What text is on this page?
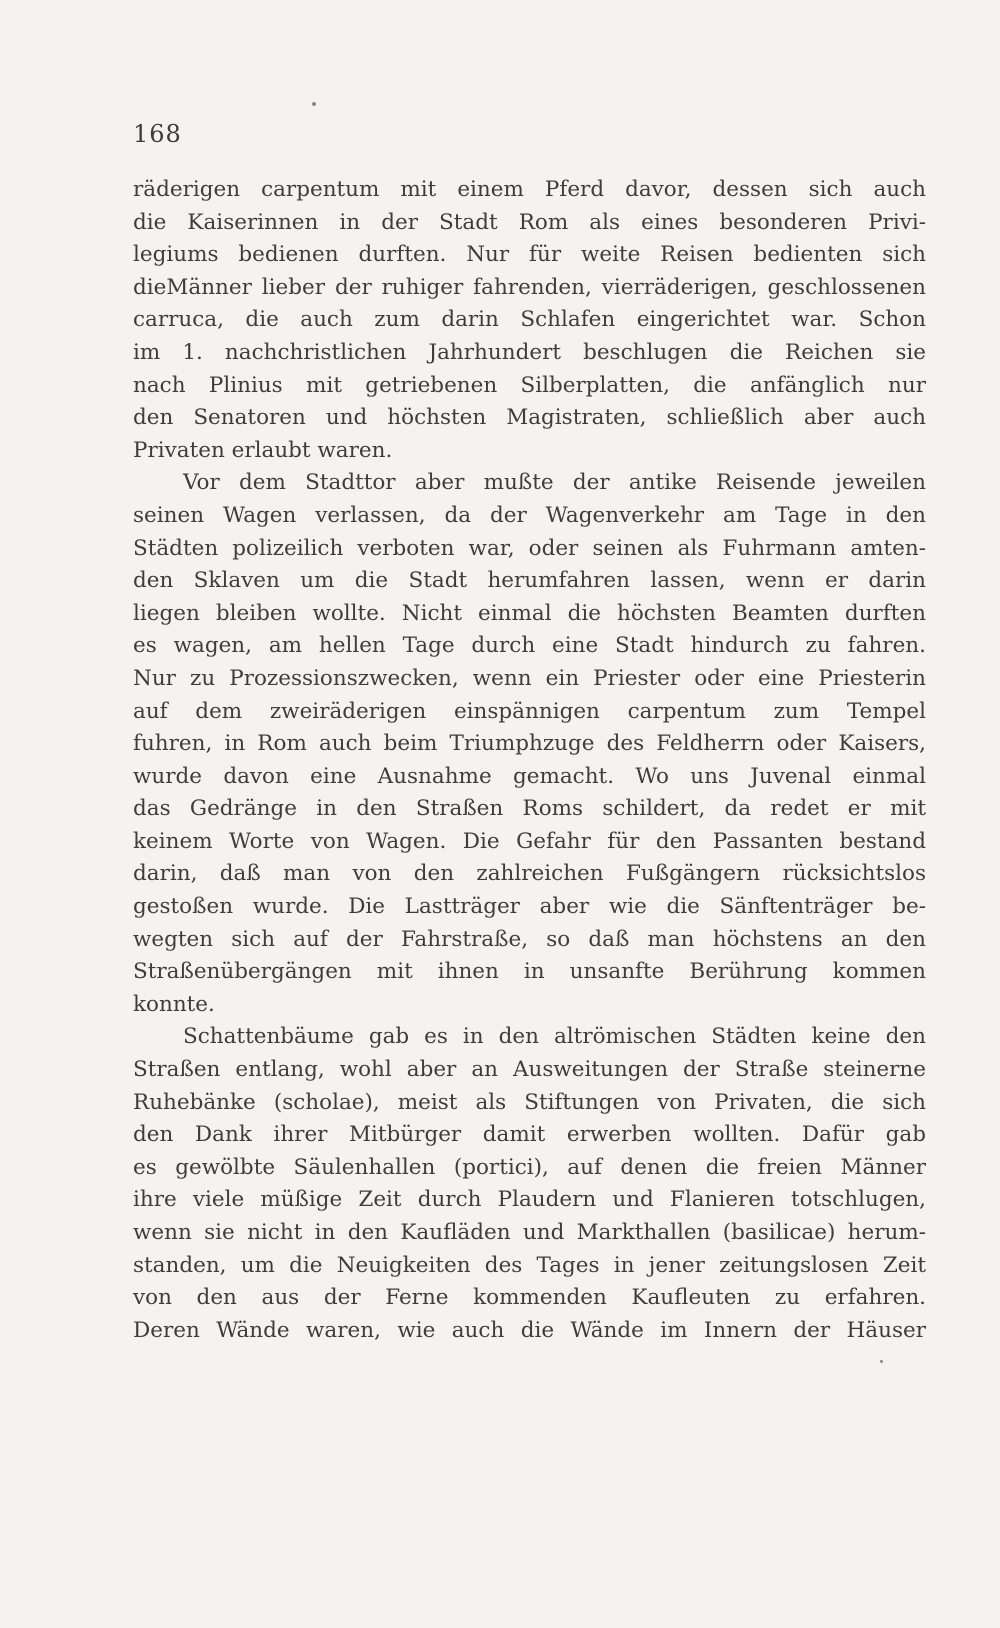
168
räderigen carpentum mit einem Pferd davor, dessen sich auch
die Kaiserinnen in der Stadt Rom als eines besonderen Privi-
legiums bedienen durften. Nur für weite Reisen bedienten sich
dieMänner lieber der ruhiger fahrenden, vierräderigen, geschlossenen
carruca, die auch zum darin Schlafen eingerichtet war. Schon
im 1. nachchristlichen Jahrhundert beschlugen die Reichen sie
nach Plinius mit getriebenen Silberplatten, die anfänglich nur
den Senatoren und höchsten Magistraten, schließlich aber auch
Privaten erlaubt waren.
Vor dem Stadttor aber mußte der antike Reisende jeweilen
seinen Wagen verlassen, da der Wagenverkehr am Tage in den
Städten polizeilich verboten war, oder seinen als Fuhrmann amten-
den Sklaven um die Stadt herumfahren lassen, wenn er darin
liegen bleiben wollte. Nicht einmal die höchsten Beamten durften
es wagen, am hellen Tage durch eine Stadt hindurch zu fahren.
Nur zu Prozessionszwecken, wenn ein Priester oder eine Priesterin
auf dem zweiräderigen einspännigen carpentum zum Tempel
fuhren, in Rom auch beim Triumphzuge des Feldherrn oder Kaisers,
wurde davon eine Ausnahme gemacht. Wo uns Juvenal einmal
das Gedränge in den Straßen Roms schildert, da redet er mit
keinem Worte von Wagen. Die Gefahr für den Passanten bestand
darin, daß man von den zahlreichen Fußgängern rücksichtslos
gestoßen wurde. Die Lastträger aber wie die Sänftenträger be-
wegten sich auf der Fahrstraße, so daß man höchstens an den
Straßenübergängen mit ihnen in unsanfte Berührung kommen
konnte.
Schattenbäume gab es in den altrömischen Städten keine den
Straßen entlang, wohl aber an Ausweitungen der Straße steinerne
Ruhebänke (scholae), meist als Stiftungen von Privaten, die sich
den Dank ihrer Mitbürger damit erwerben wollten. Dafür gab
es gewölbte Säulenhallen (portici), auf denen die freien Männer
ihre viele müßige Zeit durch Plaudern und Flanieren totschlugen,
wenn sie nicht in den Kaufläden und Markthallen (basilicae) herum-
standen, um die Neuigkeiten des Tages in jener zeitungslosen Zeit
von den aus der Ferne kommenden Kaufleuten zu erfahren.
Deren Wände waren, wie auch die Wände im Innern der Häuser
